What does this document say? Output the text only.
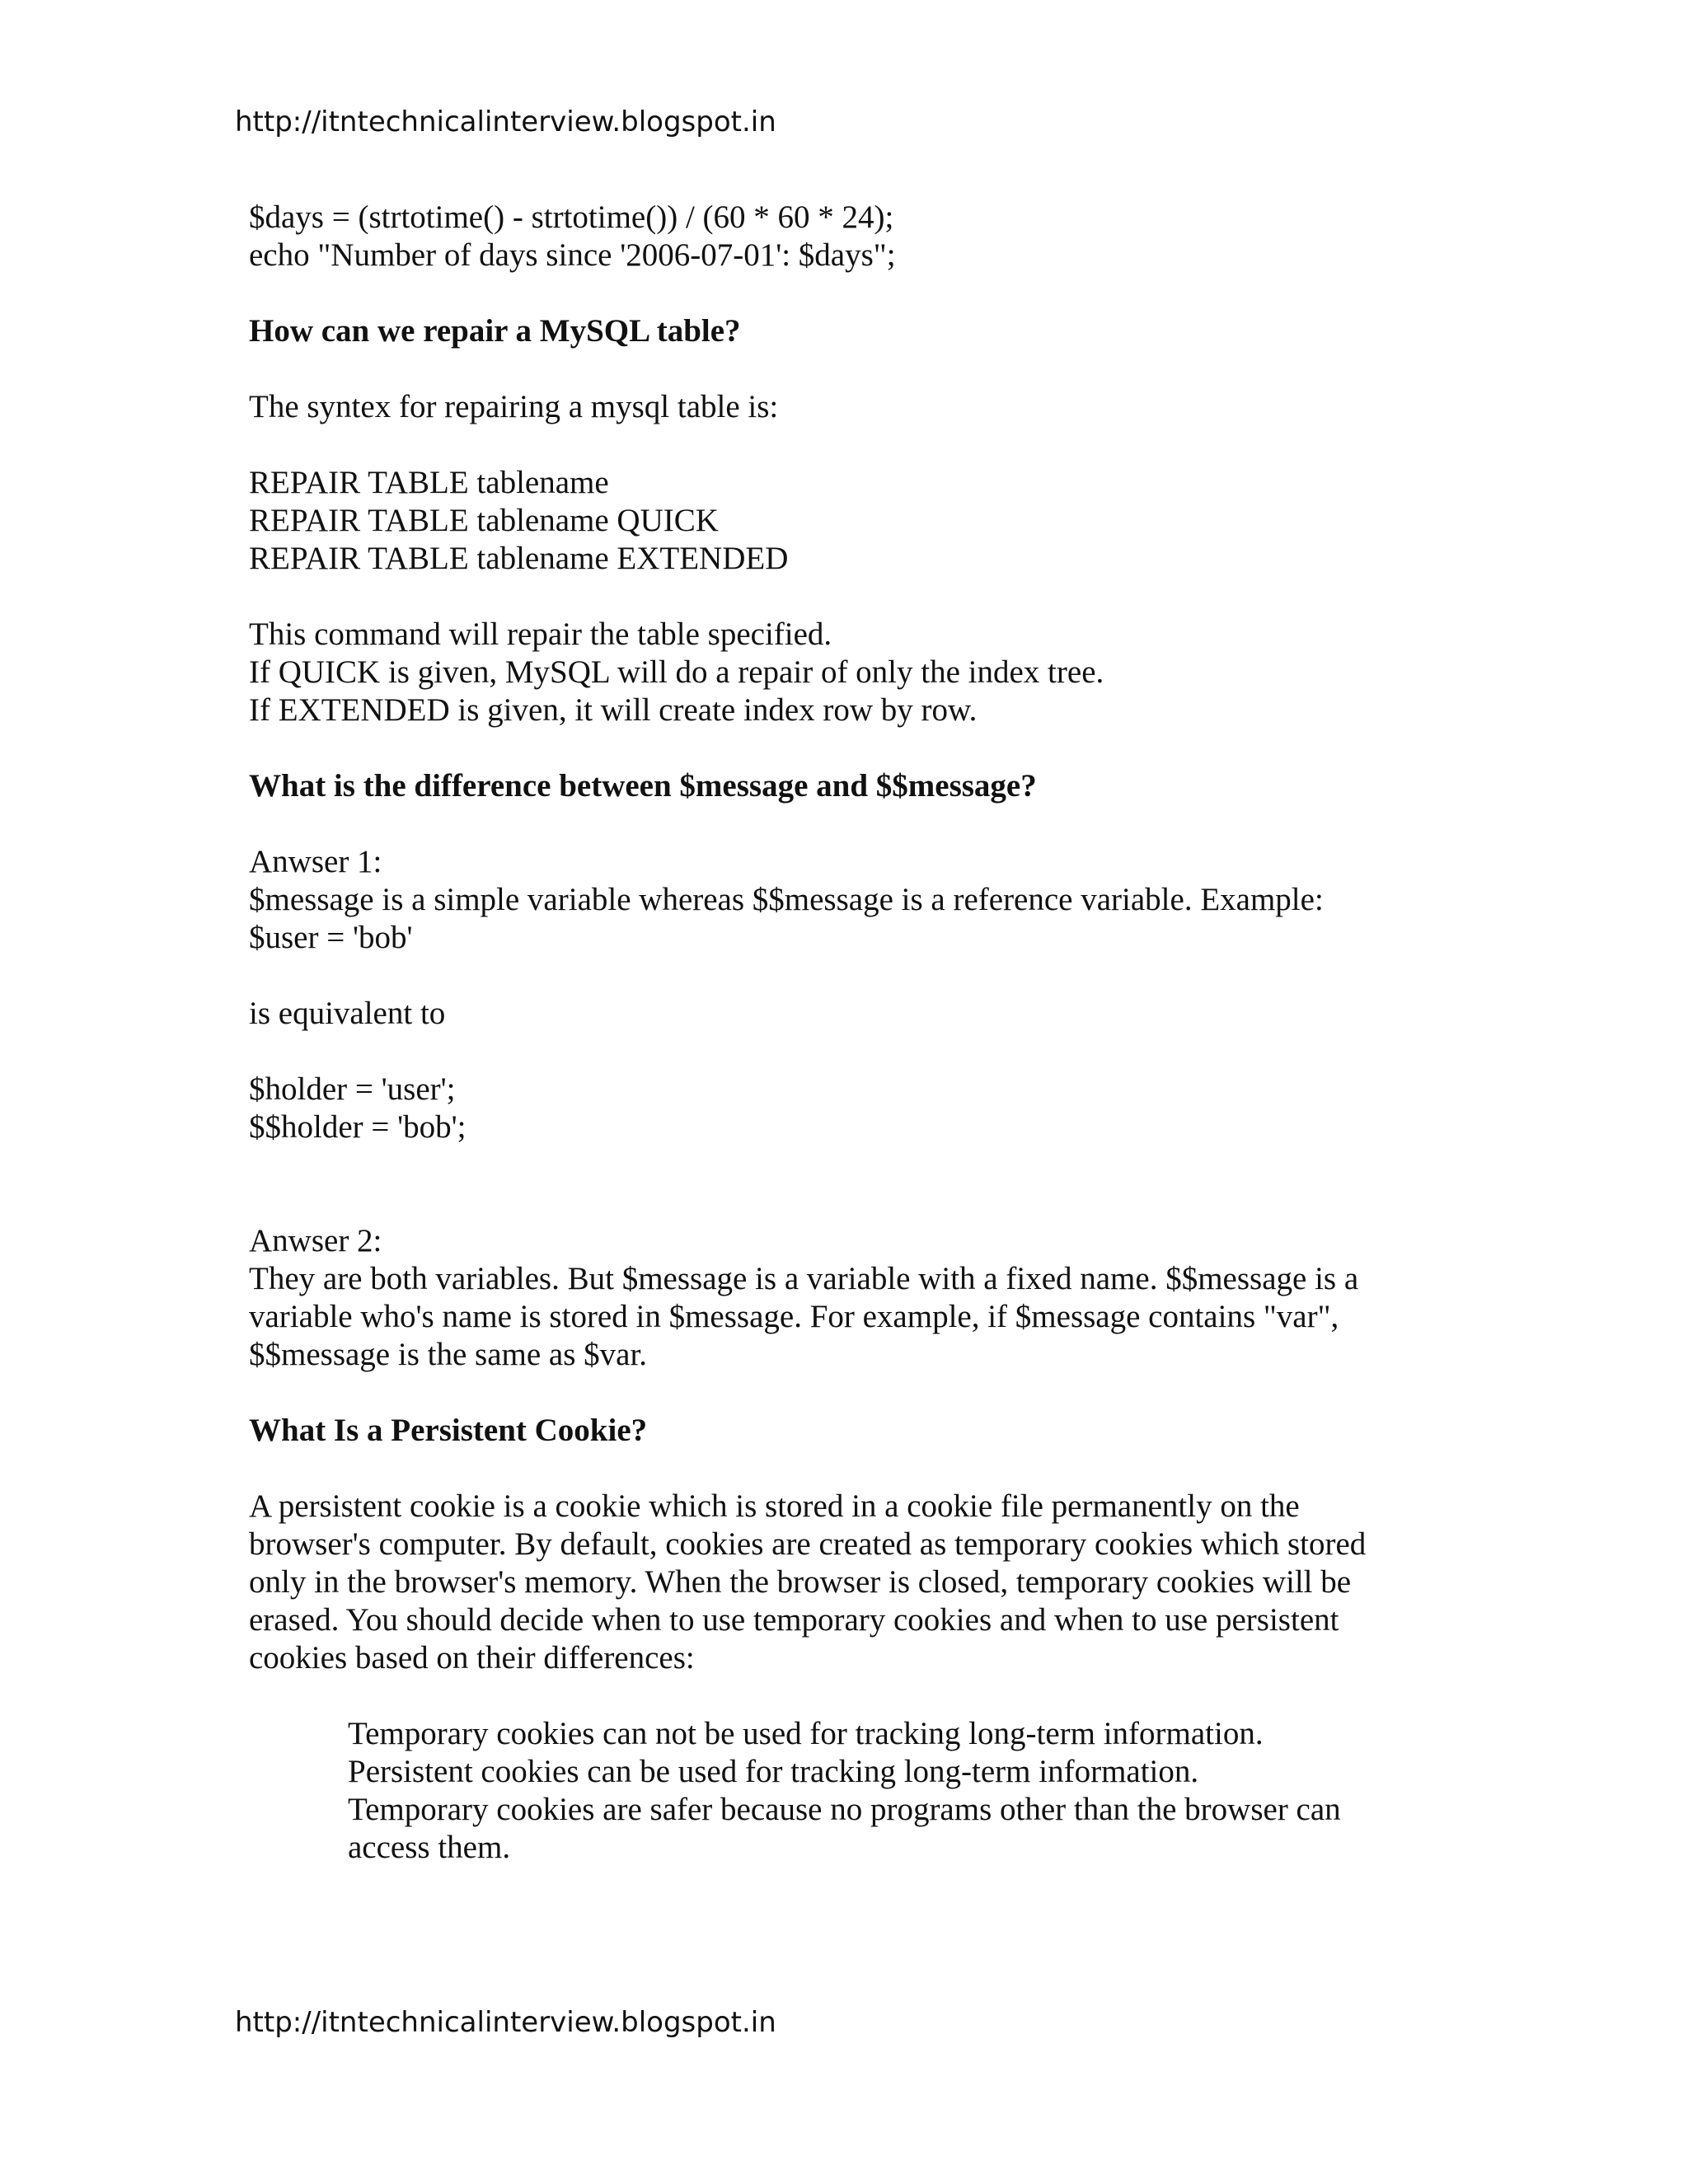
http://itntechnicalinterview.blogspot.in
$days = (strtotime() - strtotime()) / (60 * 60 * 24);
echo "Number of days since '2006-07-01': $days";
How can we repair a MySQL table?
The syntex for repairing a mysql table is:
REPAIR TABLE tablename
REPAIR TABLE tablename QUICK
REPAIR TABLE tablename EXTENDED
This command will repair the table specified.
If QUICK is given, MySQL will do a repair of only the index tree.
If EXTENDED is given, it will create index row by row.
What is the difference between $message and $$message?
Anwser 1:
$message is a simple variable whereas $$message is a reference variable. Example:
$user = 'bob'
is equivalent to
$holder = 'user';
$$holder = 'bob';
Anwser 2:
They are both variables. But $message is a variable with a fixed name. $$message is a
variable who's name is stored in $message. For example, if $message contains "var",
$$message is the same as $var.
What Is a Persistent Cookie?
A persistent cookie is a cookie which is stored in a cookie file permanently on the
browser's computer. By default, cookies are created as temporary cookies which stored
only in the browser's memory. When the browser is closed, temporary cookies will be
erased. You should decide when to use temporary cookies and when to use persistent
cookies based on their differences:
Temporary cookies can not be used for tracking long-term information.
Persistent cookies can be used for tracking long-term information.
Temporary cookies are safer because no programs other than the browser can
access them.
http://itntechnicalinterview.blogspot.in
